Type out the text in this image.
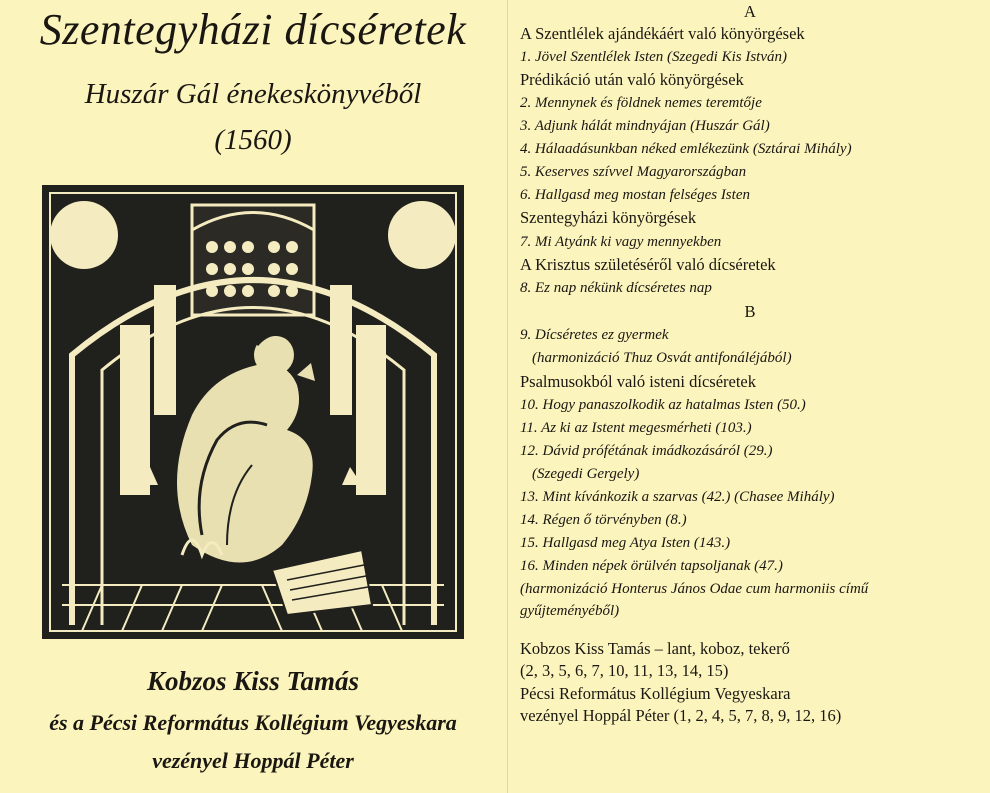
Szentegyházi dícséretek
Huszár Gál énekeskönyvéből
(1560)
Kobzos Kiss Tamás
és a Pécsi Református Kollégium Vegyeskara
vezényel Hoppál Péter
A
A Szentlélek ajándékáért való könyörgések
1. Jövel Szentlélek Isten (Szegedi Kis István)
Prédikáció után való könyörgések
2. Mennynek és földnek nemes teremtője
3. Adjunk hálát mindnyájan (Huszár Gál)
4. Hálaadásunkban néked emlékezünk (Sztárai Mihály)
5. Keserves szívvel Magyarországban
6. Hallgasd meg mostan felséges Isten
Szentegyházi könyörgések
7. Mi Atyánk ki vagy mennyekben
A Krisztus születéséről való dícséretek
8. Ez nap nékünk dícséretes nap
B
9. Dícséretes ez gyermek
(harmonizáció Thuz Osvát antifonáléjából)
Psalmusokból való isteni dícséretek
10. Hogy panaszolkodik az hatalmas Isten (50.)
11. Az ki az Istent megesmérheti (103.)
12. Dávid prófétának imádkozásáról (29.)
(Szegedi Gergely)
13. Mint kívánkozik a szarvas (42.) (Chasee Mihály)
14. Régen ő törvényben (8.)
15. Hallgasd meg Atya Isten (143.)
16. Minden népek örülvén tapsoljanak (47.)
(harmonizáció Honterus János Odae cum harmoniis című
gyűjteményéből)
Kobzos Kiss Tamás – lant, koboz, tekerő
(2, 3, 5, 6, 7, 10, 11, 13, 14, 15)
Pécsi Református Kollégium Vegyeskara
vezényel Hoppál Péter (1, 2, 4, 5, 7, 8, 9, 12, 16)
